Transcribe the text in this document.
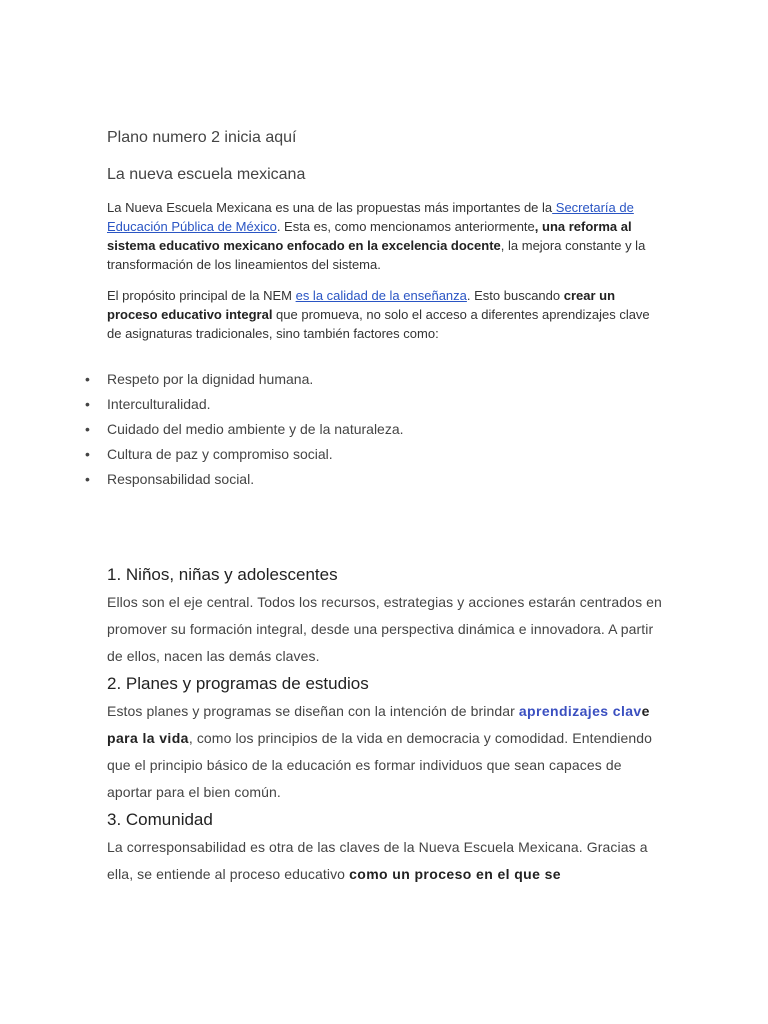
Plano numero 2 inicia aquí
La nueva escuela mexicana

La Nueva Escuela Mexicana es una de las propuestas más importantes de la Secretaría de Educación Pública de México. Esta es, como mencionamos anteriormente, una reforma al sistema educativo mexicano enfocado en la excelencia docente, la mejora constante y la transformación de los lineamientos del sistema.

El propósito principal de la NEM es la calidad de la enseñanza. Esto buscando crear un proceso educativo integral que promueva, no solo el acceso a diferentes aprendizajes clave de asignaturas tradicionales, sino también factores como:

• Respeto por la dignidad humana.
• Interculturalidad.
• Cuidado del medio ambiente y de la naturaleza.
• Cultura de paz y compromiso social.
• Responsabilidad social.
1. Niños, niñas y adolescentes

Ellos son el eje central. Todos los recursos, estrategias y acciones estarán centrados en promover su formación integral, desde una perspectiva dinámica e innovadora. A partir de ellos, nacen las demás claves.

2. Planes y programas de estudios

Estos planes y programas se diseñan con la intención de brindar aprendizajes clave para la vida, como los principios de la vida en democracia y comodidad. Entendiendo que el principio básico de la educación es formar individuos que sean capaces de aportar para el bien común.

3. Comunidad

La corresponsabilidad es otra de las claves de la Nueva Escuela Mexicana. Gracias a ella, se entiende al proceso educativo como un proceso en el que se
